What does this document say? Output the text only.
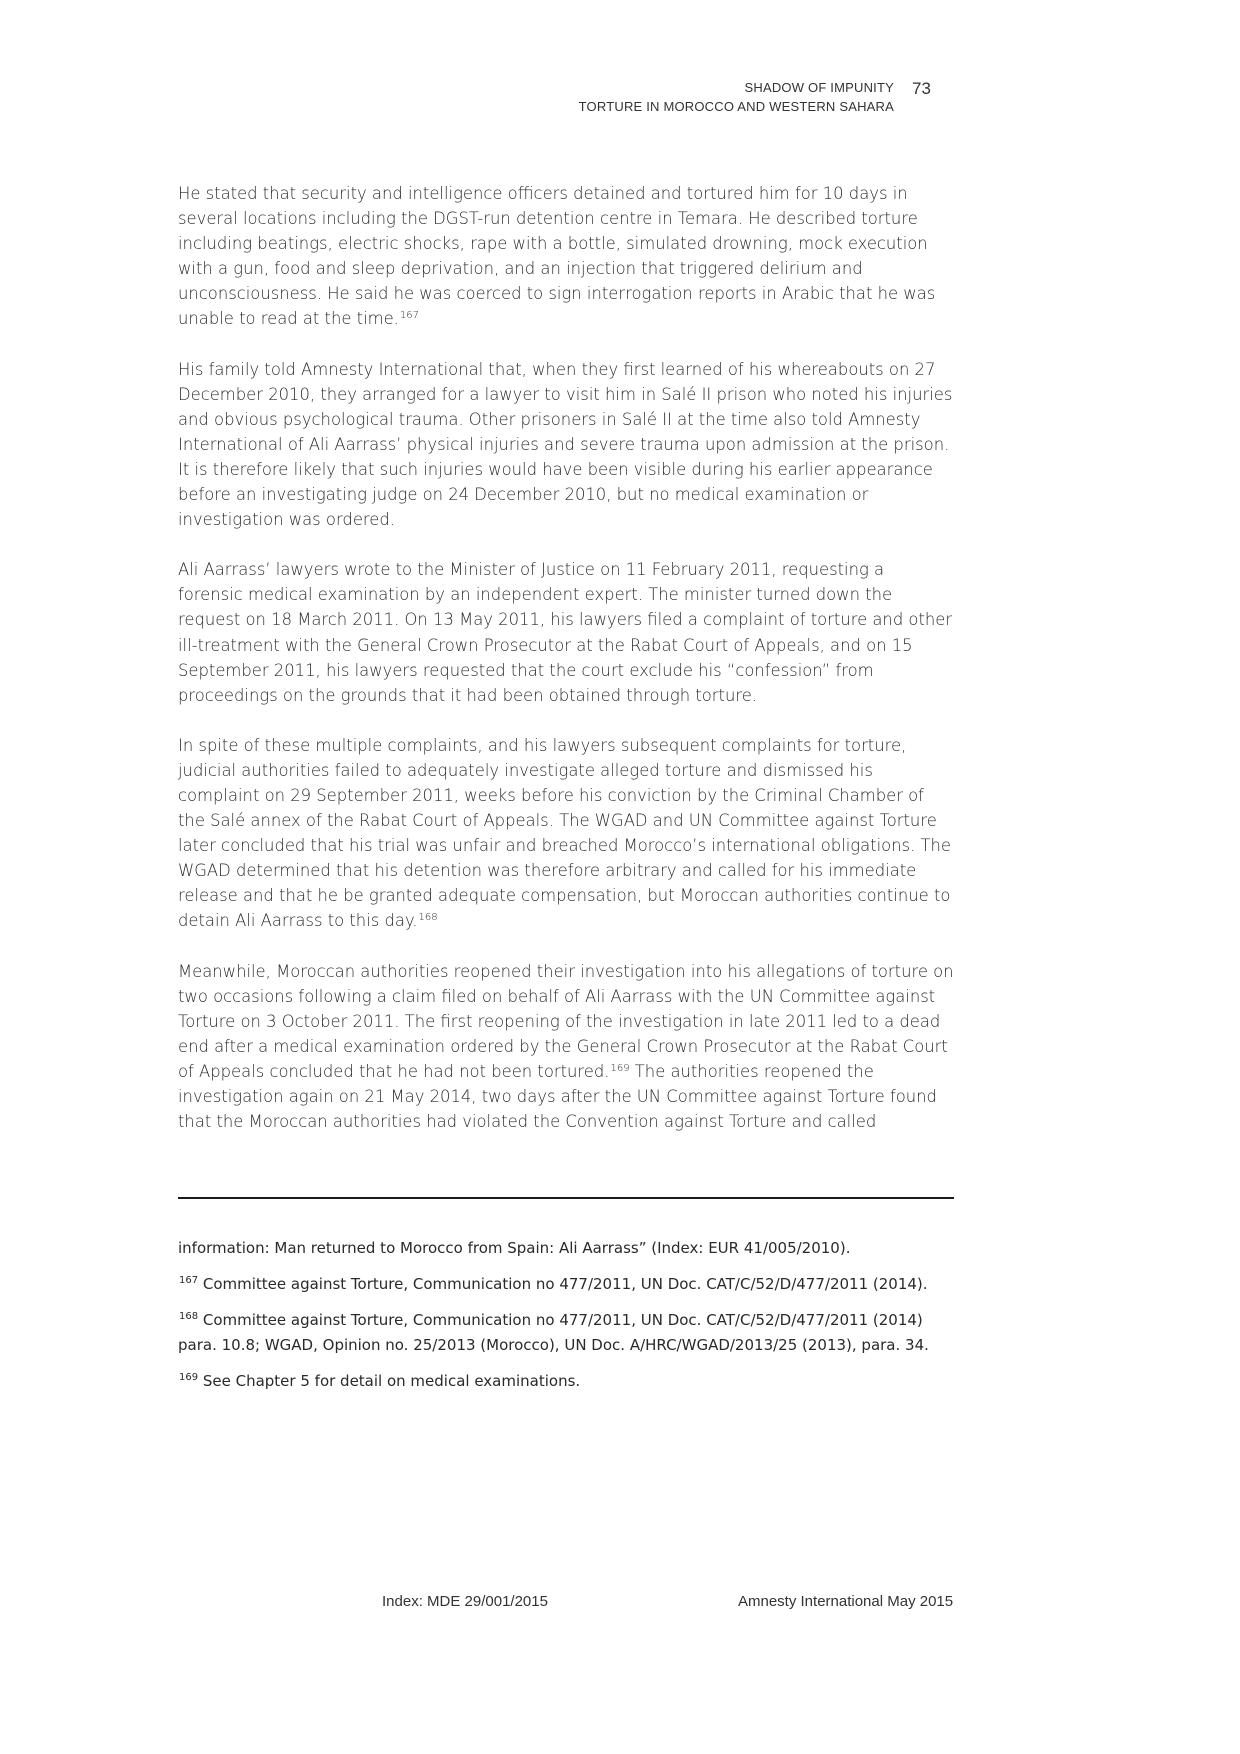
SHADOW OF IMPUNITY
TORTURE IN MOROCCO AND WESTERN SAHARA
73

He stated that security and intelligence officers detained and tortured him for 10 days in several locations including the DGST-run detention centre in Temara. He described torture including beatings, electric shocks, rape with a bottle, simulated drowning, mock execution with a gun, food and sleep deprivation, and an injection that triggered delirium and unconsciousness. He said he was coerced to sign interrogation reports in Arabic that he was unable to read at the time.$^{167}$

His family told Amnesty International that, when they first learned of his whereabouts on 27 December 2010, they arranged for a lawyer to visit him in Salé II prison who noted his injuries and obvious psychological trauma. Other prisoners in Salé II at the time also told Amnesty International of Ali Aarrass’ physical injuries and severe trauma upon admission at the prison. It is therefore likely that such injuries would have been visible during his earlier appearance before an investigating judge on 24 December 2010, but no medical examination or investigation was ordered.

Ali Aarrass’ lawyers wrote to the Minister of Justice on 11 February 2011, requesting a forensic medical examination by an independent expert. The minister turned down the request on 18 March 2011. On 13 May 2011, his lawyers filed a complaint of torture and other ill-treatment with the General Crown Prosecutor at the Rabat Court of Appeals, and on 15 September 2011, his lawyers requested that the court exclude his “confession” from proceedings on the grounds that it had been obtained through torture.

In spite of these multiple complaints, and his lawyers subsequent complaints for torture, judicial authorities failed to adequately investigate alleged torture and dismissed his complaint on 29 September 2011, weeks before his conviction by the Criminal Chamber of the Salé annex of the Rabat Court of Appeals. The WGAD and UN Committee against Torture later concluded that his trial was unfair and breached Morocco’s international obligations. The WGAD determined that his detention was therefore arbitrary and called for his immediate release and that he be granted adequate compensation, but Moroccan authorities continue to detain Ali Aarrass to this day.$^{168}$

Meanwhile, Moroccan authorities reopened their investigation into his allegations of torture on two occasions following a claim filed on behalf of Ali Aarrass with the UN Committee against Torture on 3 October 2011. The first reopening of the investigation in late 2011 led to a dead end after a medical examination ordered by the General Crown Prosecutor at the Rabat Court of Appeals concluded that he had not been tortured.$^{169}$ The authorities reopened the investigation again on 21 May 2014, two days after the UN Committee against Torture found that the Moroccan authorities had violated the Convention against Torture and called

information: Man returned to Morocco from Spain: Ali Aarrass” (Index: EUR 41/005/2010).

$^{167}$ Committee against Torture, Communication no 477/2011, UN Doc. CAT/C/52/D/477/2011 (2014).

$^{168}$ Committee against Torture, Communication no 477/2011, UN Doc. CAT/C/52/D/477/2011 (2014) para. 10.8; WGAD, Opinion no. 25/2013 (Morocco), UN Doc. A/HRC/WGAD/2013/25 (2013), para. 34.

$^{169}$ See Chapter 5 for detail on medical examinations.

Index: MDE 29/001/2015	Amnesty International May 2015
